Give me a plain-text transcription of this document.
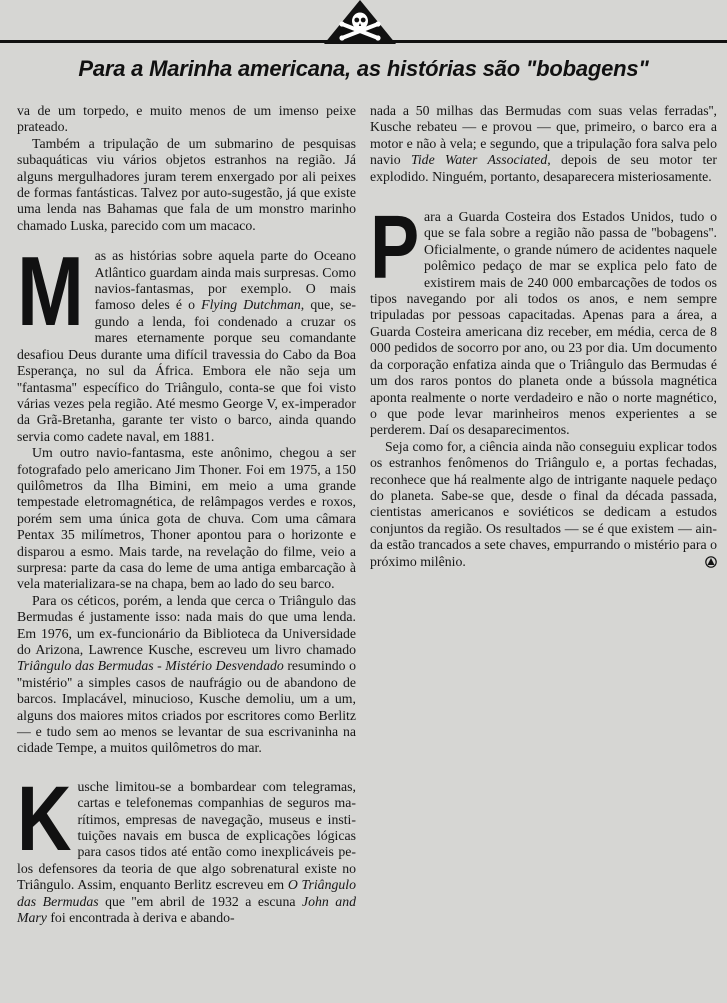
Para a Marinha americana, as histórias são "bobagens"

va de um torpedo, e muito menos de um imenso peixe prateado.

Também a tripulação de um submarino de pesquisas subaquáticas viu vários objetos estranhos na região. Já alguns mergulhadores juram terem enxergado por ali peixes de formas fantásticas. Talvez por auto-sugestão, já que existe uma lenda nas Bahamas que fala de um monstro marinho chamado Luska, parecido com um macaco.

Mas as histórias sobre aquela parte do Oceano Atlântico guardam ainda mais surpresas. Como navios-fantasmas, por exemplo. O mais famoso deles é o Flying Dutchman, que, segundo a lenda, foi condenado a cruzar os mares eternamente porque seu comandante desafiou Deus durante uma difícil travessia do Cabo da Boa Esperança, no sul da África. Embora ele não seja um ''fantasma'' específico do Triângulo, conta-se que foi visto várias vezes pela região. Até mesmo George V, ex-imperador da Grã-Bretanha, garante ter visto o barco, ainda quando servia como cadete naval, em 1881.

Um outro navio-fantasma, este anônimo, chegou a ser fotografado pelo americano Jim Thoner. Foi em 1975, a 150 quilômetros da Ilha Bimini, em meio a uma grande tempestade eletromagnética, de relâmpagos verdes e roxos, porém sem uma única gota de chuva. Com uma câmara Pentax 35 milímetros, Thoner apontou para o horizonte e disparou a esmo. Mais tarde, na revelação do filme, veio a surpresa: parte da casa do leme de uma antiga embarcação à vela materializara-se na chapa, bem ao lado do seu barco.

Para os céticos, porém, a lenda que cerca o Triângulo das Bermudas é justamente isso: nada mais do que uma lenda. Em 1976, um ex-funcionário da Biblioteca da Universidade do Arizona, Lawrence Kusche, escreveu um livro chamado Triângulo das Bermudas - Mistério Desvendado resumindo o ''mistério'' a simples casos de naufrágio ou de abandono de barcos. Implacável, minucioso, Kusche demoliu, um a um, alguns dos maiores mitos criados por escritores como Berlitz — e tudo sem ao menos se levantar de sua escrivaninha na cidade Tempe, a muitos quilômetros do mar.

Kusche limitou-se a bombardear com telegramas, cartas e telefonemas companhias de seguros marítimos, empresas de navegação, museus e instituições navais em busca de explicações lógicas para casos tidos até então como inexplicáveis pelos defensores da teoria de que algo sobrenatural existe no Triângulo. Assim, enquanto Berlitz escreveu em O Triângulo das Bermudas que ''em abril de 1932 a escuna John and Mary foi encontrada à deriva e abando-

nada a 50 milhas das Bermudas com suas velas ferradas'', Kusche rebateu — e provou — que, primeiro, o barco era a motor e não à vela; e segundo, que a tripulação fora salva pelo navio Tide Water Associated, depois de seu motor ter explodido. Ninguém, portanto, desaparecera misteriosamente.

Para a Guarda Costeira dos Estados Unidos, tudo o que se fala sobre a região não passa de ''bobagens''. Oficialmente, o grande número de acidentes naquele polêmico pedaço de mar se explica pelo fato de existirem mais de 240 000 embarcações de todos os tipos navegando por ali todos os anos, e nem sempre tripuladas por pessoas capacitadas. Apenas para a área, a Guarda Costeira americana diz receber, em média, cerca de 8 000 pedidos de socorro por ano, ou 23 por dia. Um documento da corporação enfatiza ainda que o Triângulo das Bermudas é um dos raros pontos do planeta onde a bússola magnética aponta realmente o norte verdadeiro e não o norte magnético, o que pode levar marinheiros menos experientes a se perderem. Daí os desaparecimentos.

Seja como for, a ciência ainda não conseguiu explicar todos os estranhos fenômenos do Triângulo e, a portas fechadas, reconhece que há realmente algo de intrigante naquele pedaço do planeta. Sabe-se que, desde o final da década passada, cientistas americanos e soviéticos se dedicam a estudos conjuntos da região. Os resultados — se é que existem — ainda estão trancados a sete chaves, empurrando o mistério para o próximo milênio.
